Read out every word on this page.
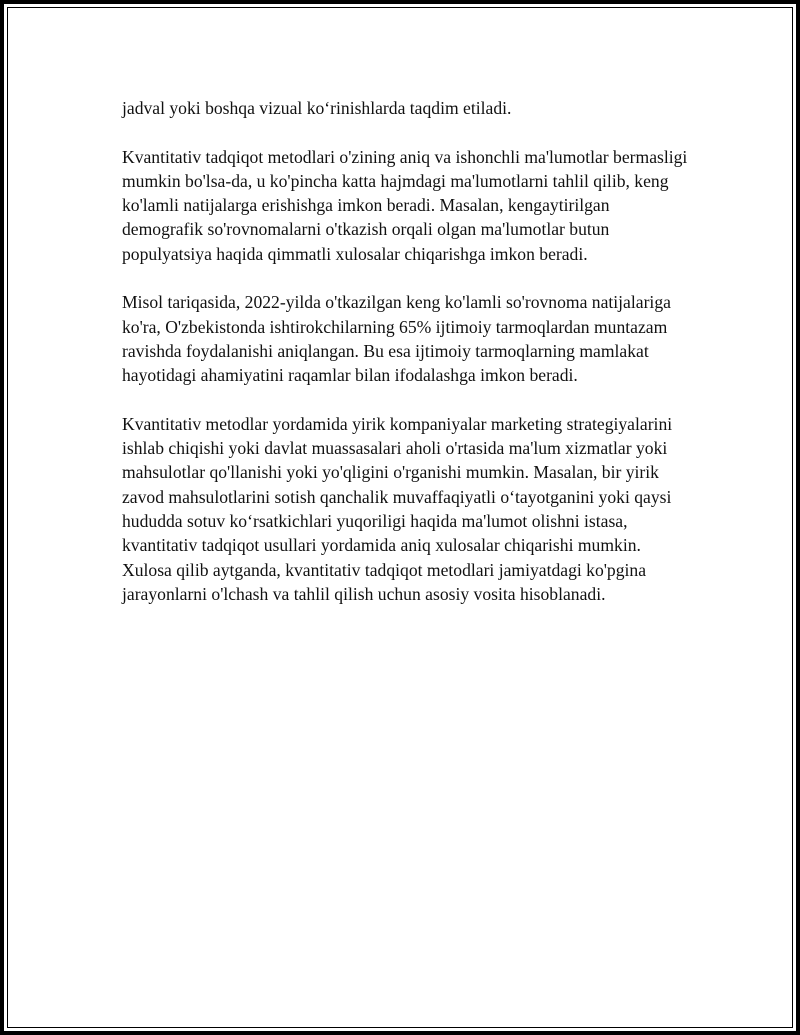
jadval yoki boshqa vizual ko‘rinishlarda taqdim etiladi.

Kvantitativ tadqiqot metodlari o'zining aniq va ishonchli ma'lumotlar bermasligi mumkin bo'lsa-da, u ko'pincha katta hajmdagi ma'lumotlarni tahlil qilib, keng ko'lamli natijalarga erishishga imkon beradi. Masalan, kengaytirilgan demografik so'rovnomalarni o'tkazish orqali olgan ma'lumotlar butun populyatsiya haqida qimmatli xulosalar chiqarishga imkon beradi.

Misol tariqasida, 2022-yilda o'tkazilgan keng ko'lamli so'rovnoma natijalariga ko'ra, O'zbekistonda ishtirokchilarning 65% ijtimoiy tarmoqlardan muntazam ravishda foydalanishi aniqlangan. Bu esa ijtimoiy tarmoqlarning mamlakat hayotidagi ahamiyatini raqamlar bilan ifodalashga imkon beradi.

Kvantitativ metodlar yordamida yirik kompaniyalar marketing strategiyalarini ishlab chiqishi yoki davlat muassasalari aholi o'rtasida ma'lum xizmatlar yoki mahsulotlar qo'llanishi yoki yo'qligini o'rganishi mumkin. Masalan, bir yirik zavod mahsulotlarini sotish qanchalik muvaffaqiyatli o‘tayotganini yoki qaysi hududda sotuv ko‘rsatkichlari yuqoriligi haqida ma'lumot olishni istasa, kvantitativ tadqiqot usullari yordamida aniq xulosalar chiqarishi mumkin. Xulosa qilib aytganda, kvantitativ tadqiqot metodlari jamiyatdagi ko'pgina jarayonlarni o'lchash va tahlil qilish uchun asosiy vosita hisoblanadi.
